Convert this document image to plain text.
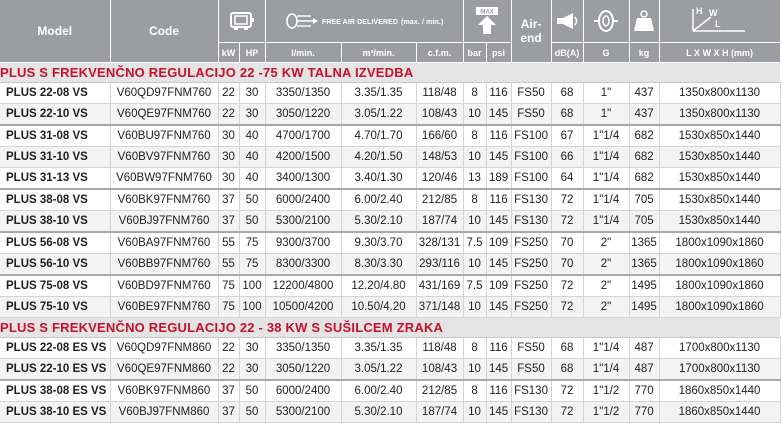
Model	Code			FREE AIR DELIVERED (max. / min.)			MAX		Air-end				L
W
H

		kW	HP	l/min.	m³/min.	c.f.m.	bar	psi		dB(A)	G	kg	L X W X H (mm)
PLUS S FREKVENČNO REGULACIJO 22 -75 KW TALNA IZVEDBA													
PLUS 22-08 VS	V60QD97FNM760	22	30	3350/1350	3.35/1.35	118/48	8	116	FS50	68	1"	437	1350x800x1130
PLUS 22-10 VS	V60QE97FNM760	22	30	3050/1220	3.05/1.22	108/43	10	145	FS50	68	1"	437	1350x800x1130
PLUS 31-08 VS	V60BU97FNM760	30	40	4700/1700	4.70/1.70	166/60	8	116	FS100	67	1"1/4	682	1530x850x1440
PLUS 31-10 VS	V60BV97FNM760	30	40	4200/1500	4.20/1.50	148/53	10	145	FS100	66	1"1/4	682	1530x850x1440
PLUS 31-13 VS	V60BW97FNM760	30	40	3400/1300	3.40/1.30	120/46	13	189	FS100	64	1"1/4	682	1530x850x1440
PLUS 38-08 VS	V60BK97FNM760	37	50	6000/2400	6.00/2.40	212/85	8	116	FS130	72	1"1/4	705	1530x850x1440
PLUS 38-10 VS	V60BJ97FNM760	37	50	5300/2100	5.30/2.10	187/74	10	145	FS130	72	1"1/4	705	1530x850x1440
PLUS 56-08 VS	V60BA97FNM760	55	75	9300/3700	9.30/3.70	328/131	7.5	109	FS250	70	2"	1365	1800x1090x1860
PLUS 56-10 VS	V60BB97FNM760	55	75	8300/3300	8.30/3.30	293/116	10	145	FS250	70	2"	1365	1800x1090x1860
PLUS 75-08 VS	V60BD97FNM760	75	100	12200/4800	12.20/4.80	431/169	7.5	109	FS250	72	2"	1495	1800x1090x1860
PLUS 75-10 VS	V60BE97FNM760	75	100	10500/4200	10.50/4.20	371/148	10	145	FS250	72	2"	1495	1800x1090x1860
PLUS S FREKVENČNO REGULACIJO 22 - 38 KW S SUŠILCEM ZRAKA													
PLUS 22-08 ES VS	V60QD97FNM860	22	30	3350/1350	3.35/1.35	118/48	8	116	FS50	68	1"1/4	487	1700x800x1130
PLUS 22-10 ES VS	V60QE97FNM860	22	30	3050/1220	3.05/1.22	108/43	10	145	FS50	68	1"1/4	487	1700x800x1130
PLUS 38-08 ES VS	V60BK97FNM860	37	50	6000/2400	6.00/2.40	212/85	8	116	FS130	72	1"1/2	770	1860x850x1440
PLUS 38-10 ES VS	V60BJ97FNM860	37	50	5300/2100	5.30/2.10	187/74	10	145	FS130	72	1"1/2	770	1860x850x1440
